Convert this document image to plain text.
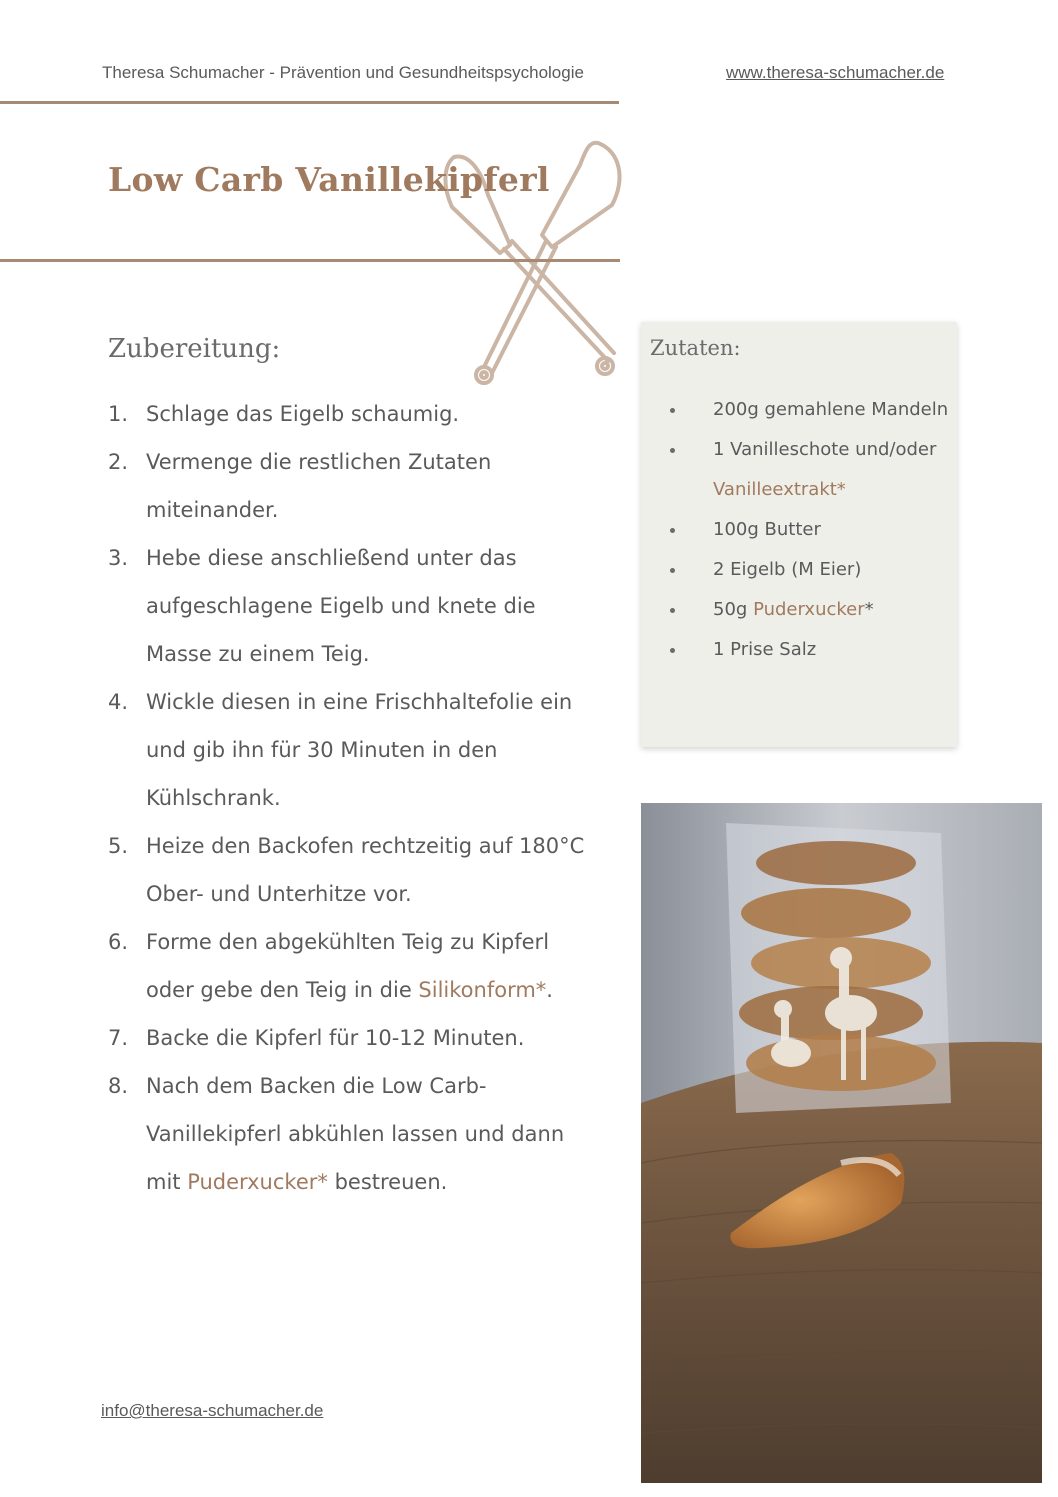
Theresa Schumacher - Prävention und Gesundheitspsychologie	www.theresa-schumacher.de
Low Carb Vanillekipferl
Zubereitung:
1. Schlage das Eigelb schaumig.
2. Vermenge die restlichen Zutaten miteinander.
3. Hebe diese anschließend unter das aufgeschlagene Eigelb und knete die Masse zu einem Teig.
4. Wickle diesen in eine Frischhaltefolie ein und gib ihn für 30 Minuten in den Kühlschrank.
5. Heize den Backofen rechtzeitig auf 180°C Ober- und Unterhitze vor.
6. Forme den abgekühlten Teig zu Kipferl oder gebe den Teig in die Silikonform*.
7. Backe die Kipferl für 10-12 Minuten.
8. Nach dem Backen die Low Carb-Vanillekipferl abkühlen lassen und dann mit Puderxucker* bestreuen.
Zutaten:
200g gemahlene Mandeln
1 Vanilleschote und/oder
Vanilleextrakt*
100g Butter
2 Eigelb (M Eier)
50g Puderxucker*
1 Prise Salz
info@theresa-schumacher.de
